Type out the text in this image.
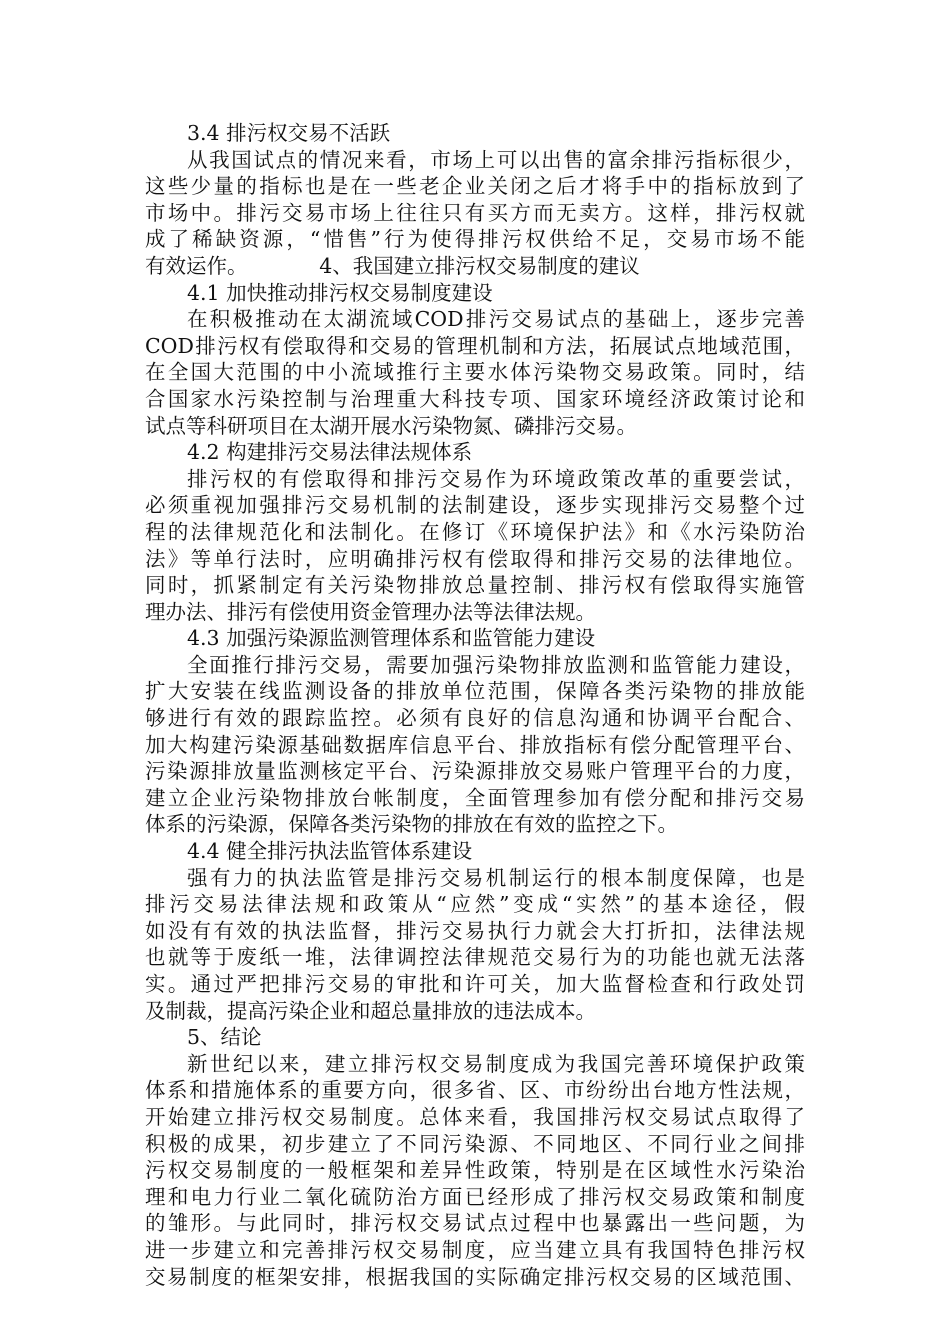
3.4 排污权交易不活跃
从我国试点的情况来看，市场上可以出售的富余排污指标很少，
这些少量的指标也是在一些老企业关闭之后才将手中的指标放到了
市场中。排污交易市场上往往只有买方而无卖方。这样，排污权就
成了稀缺资源，“惜售”行为使得排污权供给不足，交易市场不能
有效运作。　　　　4、我国建立排污权交易制度的建议
4.1 加快推动排污权交易制度建设
在积极推动在太湖流域COD排污交易试点的基础上，逐步完善
COD排污权有偿取得和交易的管理机制和方法，拓展试点地域范围，
在全国大范围的中小流域推行主要水体污染物交易政策。同时，结
合国家水污染控制与治理重大科技专项、国家环境经济政策讨论和
试点等科研项目在太湖开展水污染物氮、磷排污交易。
4.2 构建排污交易法律法规体系
排污权的有偿取得和排污交易作为环境政策改革的重要尝试，
必须重视加强排污交易机制的法制建设，逐步实现排污交易整个过
程的法律规范化和法制化。在修订《环境保护法》和《水污染防治
法》等单行法时，应明确排污权有偿取得和排污交易的法律地位。
同时，抓紧制定有关污染物排放总量控制、排污权有偿取得实施管
理办法、排污有偿使用资金管理办法等法律法规。
4.3 加强污染源监测管理体系和监管能力建设
全面推行排污交易，需要加强污染物排放监测和监管能力建设，
扩大安装在线监测设备的排放单位范围，保障各类污染物的排放能
够进行有效的跟踪监控。必须有良好的信息沟通和协调平台配合、
加大构建污染源基础数据库信息平台、排放指标有偿分配管理平台、
污染源排放量监测核定平台、污染源排放交易账户管理平台的力度，
建立企业污染物排放台帐制度，全面管理参加有偿分配和排污交易
体系的污染源，保障各类污染物的排放在有效的监控之下。
4.4 健全排污执法监管体系建设
强有力的执法监管是排污交易机制运行的根本制度保障，也是
排污交易法律法规和政策从“应然”变成“实然”的基本途径，假
如没有有效的执法监督，排污交易执行力就会大打折扣，法律法规
也就等于废纸一堆，法律调控法律规范交易行为的功能也就无法落
实。通过严把排污交易的审批和许可关，加大监督检查和行政处罚
及制裁，提高污染企业和超总量排放的违法成本。
5、结论
新世纪以来，建立排污权交易制度成为我国完善环境保护政策
体系和措施体系的重要方向，很多省、区、市纷纷出台地方性法规，
开始建立排污权交易制度。总体来看，我国排污权交易试点取得了
积极的成果，初步建立了不同污染源、不同地区、不同行业之间排
污权交易制度的一般框架和差异性政策，特别是在区域性水污染治
理和电力行业二氧化硫防治方面已经形成了排污权交易政策和制度
的雏形。与此同时，排污权交易试点过程中也暴露出一些问题，为
进一步建立和完善排污权交易制度，应当建立具有我国特色排污权
交易制度的框架安排，根据我国的实际确定排污权交易的区域范围、
